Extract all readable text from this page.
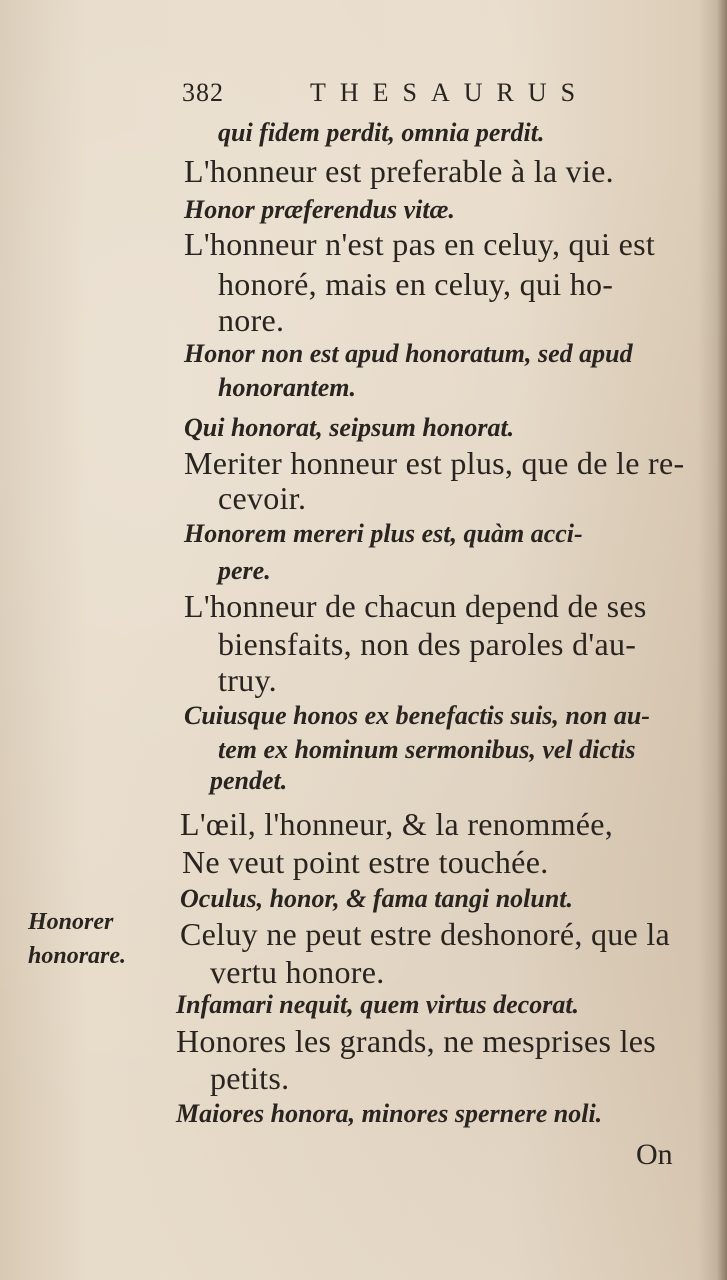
382	THESAURUS
qui fidem perdit, omnia perdit.
L'honneur est preferable à la vie.
Honor præferendus vitæ.
L'honneur n'est pas en celuy, qui est
honoré, mais en celuy, qui ho-
nore.
Honor non est apud honoratum, sed apud
honorantem.
Qui honorat, seipsum honorat.
Meriter honneur est plus, que de le re-
cevoir.
Honorem mereri plus est, quàm acci-
pere.
L'honneur de chacun depend de ses
biensfaits, non des paroles d'au-
truy.
Cuiusque honos ex benefactis suis, non au-
tem ex hominum sermonibus, vel dictis
pendet.
L'œil, l'honneur, & la renommée,
Ne veut point estre touchée.
Oculus, honor, & fama tangi nolunt.
Celuy ne peut estre deshonoré, que la
vertu honore.
Infamari nequit, quem virtus decorat.
Honores les grands, ne mesprises les
petits.
Maiores honora, minores spernere noli.
Honorer
honorare.
On
